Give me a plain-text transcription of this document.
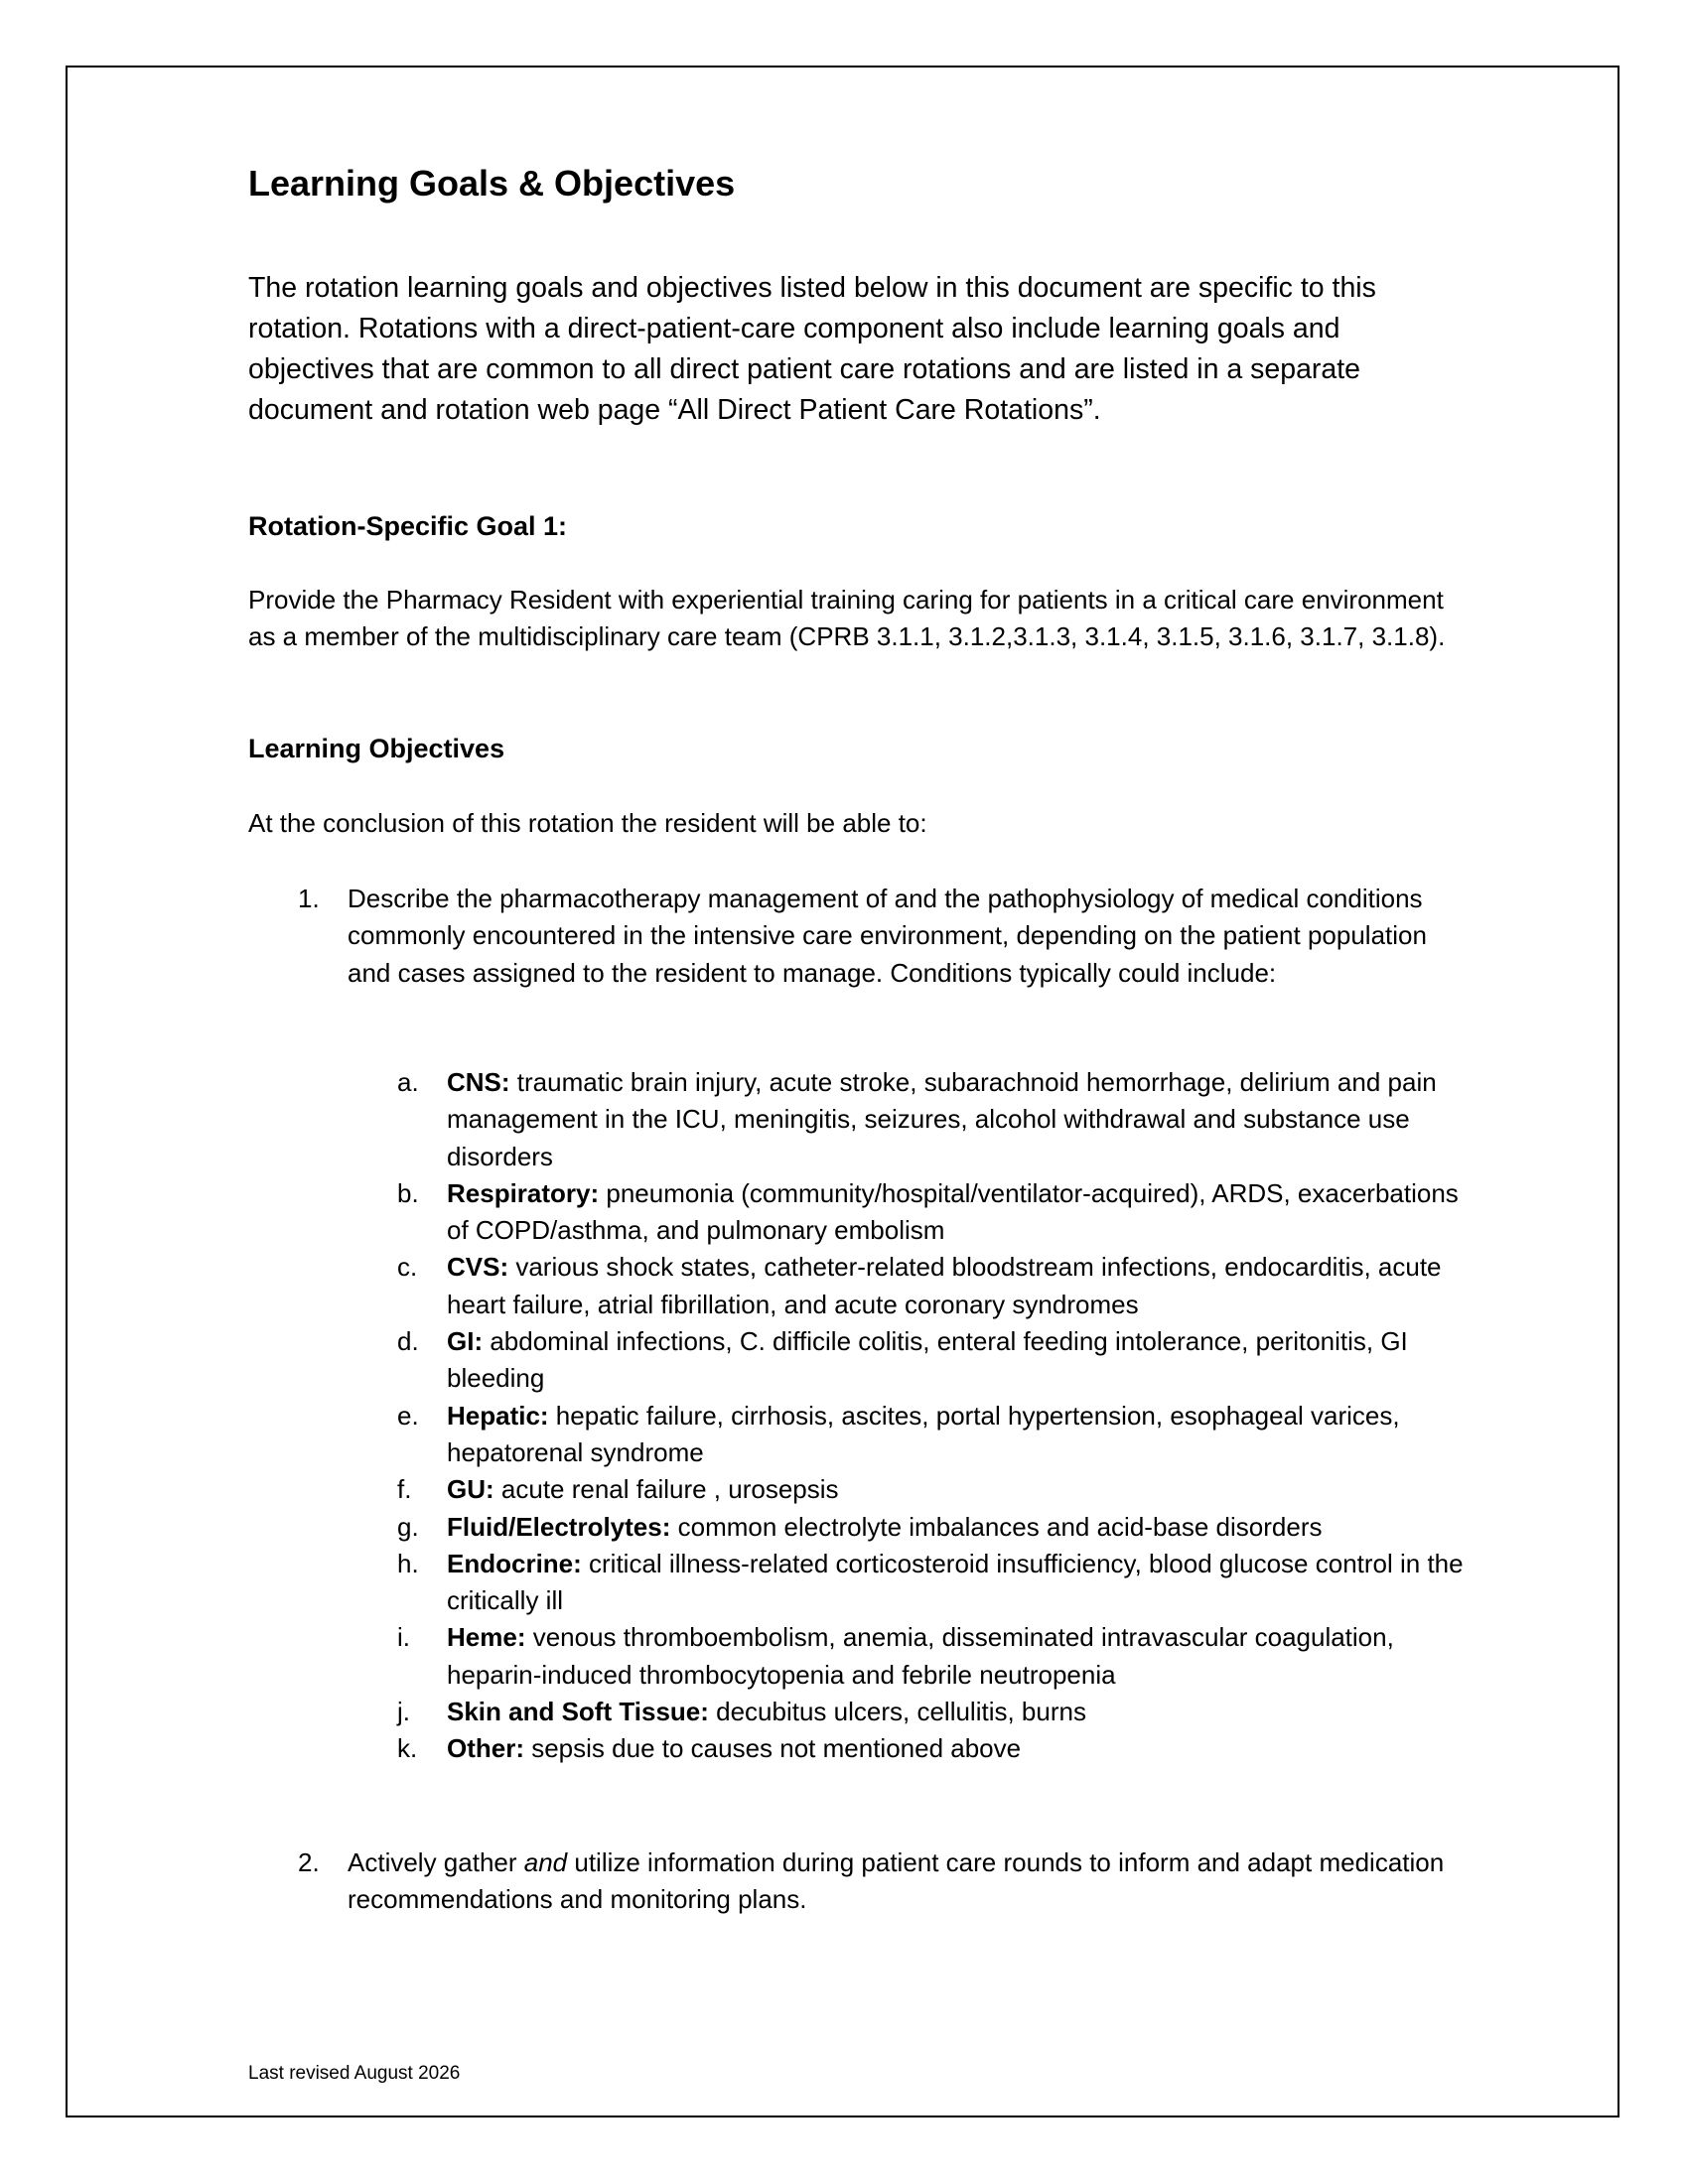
Learning Goals & Objectives

The rotation learning goals and objectives listed below in this document are specific to this rotation. Rotations with a direct-patient-care component also include learning goals and objectives that are common to all direct patient care rotations and are listed in a separate document and rotation web page “All Direct Patient Care Rotations”.

Rotation-Specific Goal 1:

Provide the Pharmacy Resident with experiential training caring for patients in a critical care environment as a member of the multidisciplinary care team (CPRB 3.1.1, 3.1.2,3.1.3, 3.1.4, 3.1.5, 3.1.6, 3.1.7, 3.1.8).

Learning Objectives

At the conclusion of this rotation the resident will be able to:

1. Describe the pharmacotherapy management of and the pathophysiology of medical conditions commonly encountered in the intensive care environment, depending on the patient population and cases assigned to the resident to manage. Conditions typically could include:
a. CNS: traumatic brain injury, acute stroke, subarachnoid hemorrhage, delirium and pain management in the ICU, meningitis, seizures, alcohol withdrawal and substance use disorders
b. Respiratory: pneumonia (community/hospital/ventilator-acquired), ARDS, exacerbations of COPD/asthma, and pulmonary embolism
c. CVS: various shock states, catheter-related bloodstream infections, endocarditis, acute heart failure, atrial fibrillation, and acute coronary syndromes
d. GI: abdominal infections, C. difficile colitis, enteral feeding intolerance, peritonitis, GI bleeding
e. Hepatic: hepatic failure, cirrhosis, ascites, portal hypertension, esophageal varices, hepatorenal syndrome
f. GU: acute renal failure , urosepsis
g. Fluid/Electrolytes: common electrolyte imbalances and acid-base disorders
h. Endocrine: critical illness-related corticosteroid insufficiency, blood glucose control in the critically ill
i. Heme: venous thromboembolism, anemia, disseminated intravascular coagulation, heparin-induced thrombocytopenia and febrile neutropenia
j. Skin and Soft Tissue: decubitus ulcers, cellulitis, burns
k. Other: sepsis due to causes not mentioned above
2. Actively gather and utilize information during patient care rounds to inform and adapt medication recommendations and monitoring plans.

Last revised August 2026
